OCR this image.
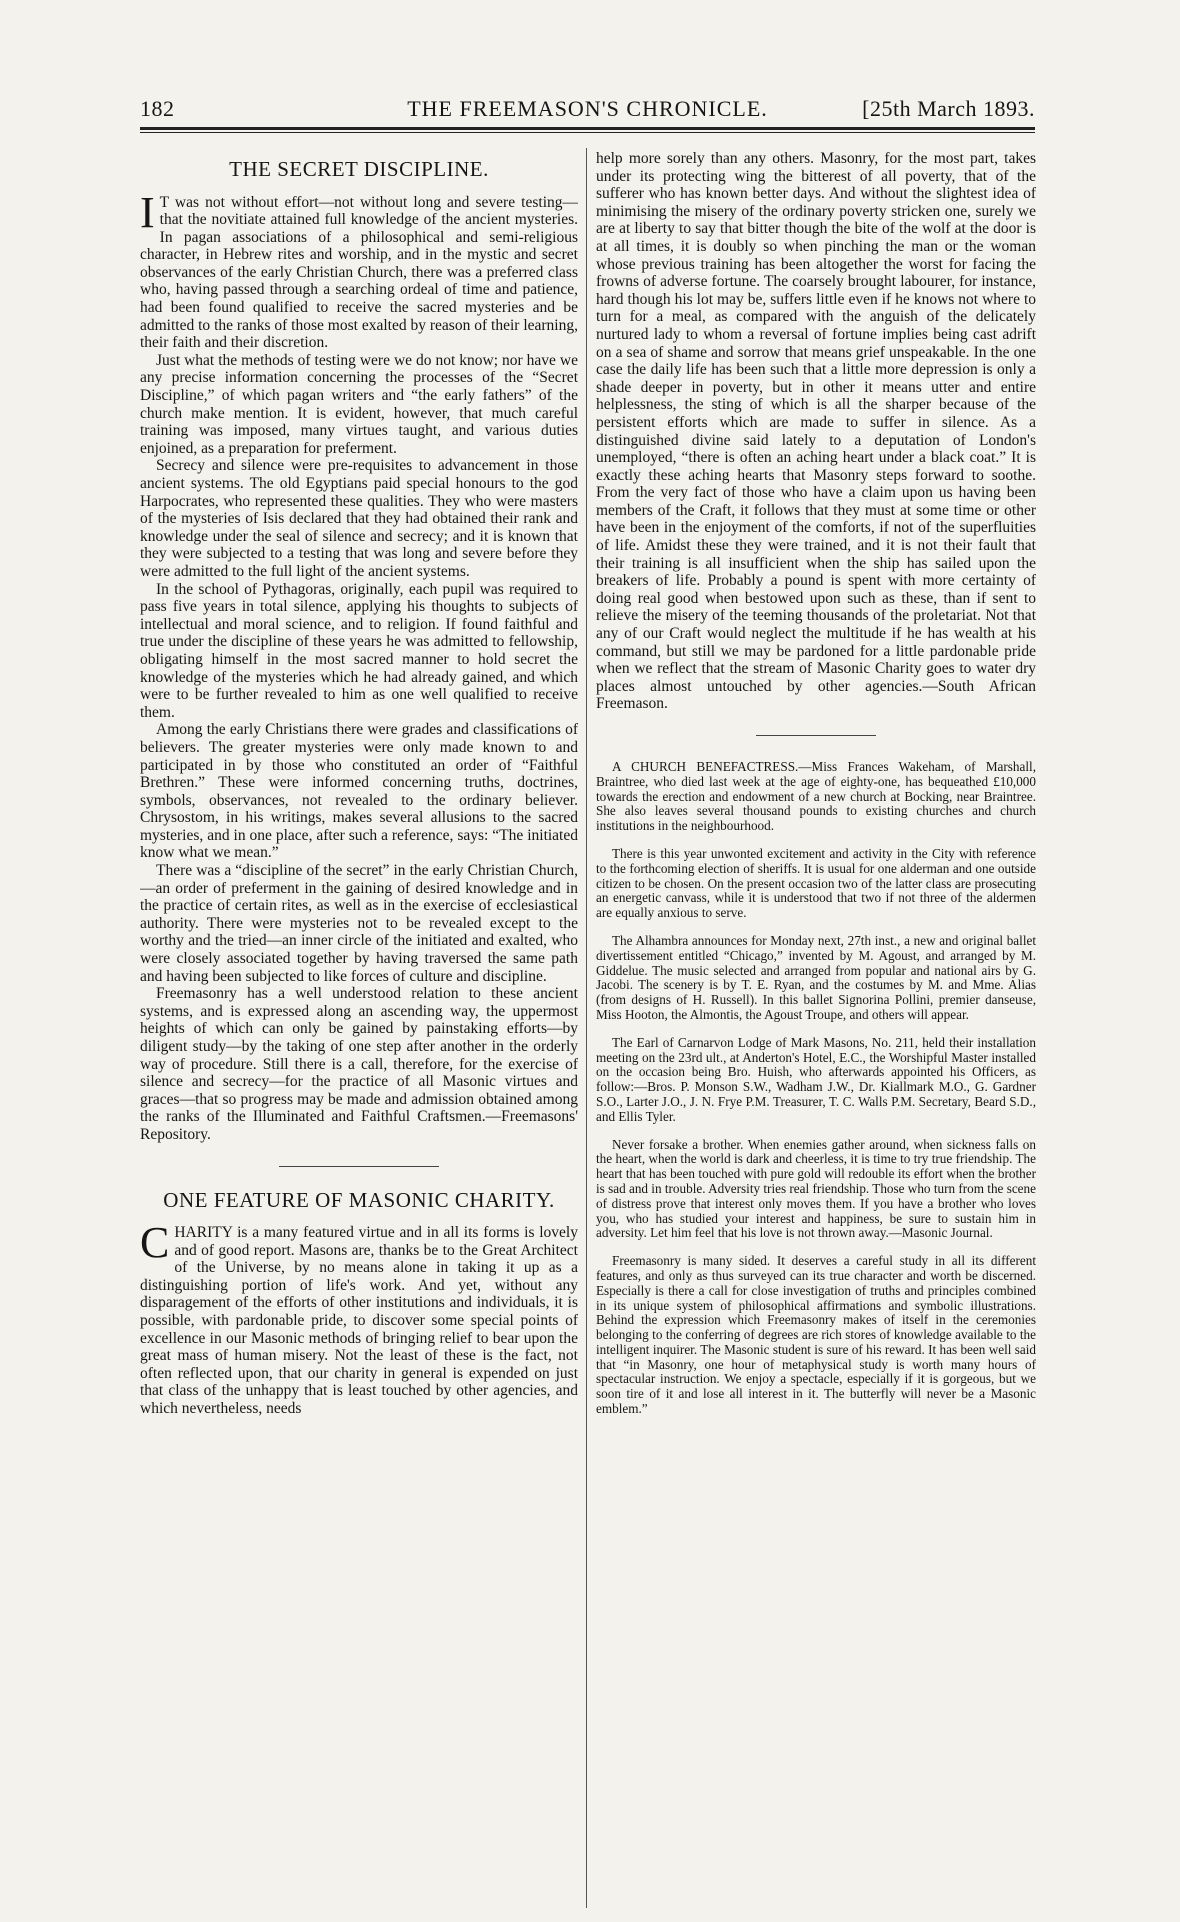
182	THE FREEMASON'S CHRONICLE.	[25th March 1893.
THE SECRET DISCIPLINE.

IT was not without effort—not without long and severe testing—that the novitiate attained full knowledge of the ancient mysteries. In pagan associations of a philosophical and semi-religious character, in Hebrew rites and worship, and in the mystic and secret observances of the early Christian Church, there was a preferred class who, having passed through a searching ordeal of time and patience, had been found qualified to receive the sacred mysteries and be admitted to the ranks of those most exalted by reason of their learning, their faith and their discretion.

Just what the methods of testing were we do not know; nor have we any precise information concerning the processes of the “Secret Discipline,” of which pagan writers and “the early fathers” of the church make mention. It is evident, however, that much careful training was imposed, many virtues taught, and various duties enjoined, as a preparation for preferment.

Secrecy and silence were pre-requisites to advancement in those ancient systems. The old Egyptians paid special honours to the god Harpocrates, who represented these qualities. They who were masters of the mysteries of Isis declared that they had obtained their rank and knowledge under the seal of silence and secrecy; and it is known that they were subjected to a testing that was long and severe before they were admitted to the full light of the ancient systems.

In the school of Pythagoras, originally, each pupil was required to pass five years in total silence, applying his thoughts to subjects of intellectual and moral science, and to religion. If found faithful and true under the discipline of these years he was admitted to fellowship, obligating himself in the most sacred manner to hold secret the knowledge of the mysteries which he had already gained, and which were to be further revealed to him as one well qualified to receive them.

Among the early Christians there were grades and classifications of believers. The greater mysteries were only made known to and participated in by those who constituted an order of “Faithful Brethren.” These were informed concerning truths, doctrines, symbols, observances, not revealed to the ordinary believer. Chrysostom, in his writings, makes several allusions to the sacred mysteries, and in one place, after such a reference, says: “The initiated know what we mean.”

There was a “discipline of the secret” in the early Christian Church,—an order of preferment in the gaining of desired knowledge and in the practice of certain rites, as well as in the exercise of ecclesiastical authority. There were mysteries not to be revealed except to the worthy and the tried—an inner circle of the initiated and exalted, who were closely associated together by having traversed the same path and having been subjected to like forces of culture and discipline.

Freemasonry has a well understood relation to these ancient systems, and is expressed along an ascending way, the uppermost heights of which can only be gained by painstaking efforts—by diligent study—by the taking of one step after another in the orderly way of procedure. Still there is a call, therefore, for the exercise of silence and secrecy—for the practice of all Masonic virtues and graces—that so progress may be made and admission obtained among the ranks of the Illuminated and Faithful Craftsmen.—Freemasons' Repository.

ONE FEATURE OF MASONIC CHARITY.

CHARITY is a many featured virtue and in all its forms is lovely and of good report. Masons are, thanks be to the Great Architect of the Universe, by no means alone in taking it up as a distinguishing portion of life's work. And yet, without any disparagement of the efforts of other institutions and individuals, it is possible, with pardonable pride, to discover some special points of excellence in our Masonic methods of bringing relief to bear upon the great mass of human misery. Not the least of these is the fact, not often reflected upon, that our charity in general is expended on just that class of the unhappy that is least touched by other agencies, and which nevertheless, needs

help more sorely than any others. Masonry, for the most part, takes under its protecting wing the bitterest of all poverty, that of the sufferer who has known better days. And without the slightest idea of minimising the misery of the ordinary poverty stricken one, surely we are at liberty to say that bitter though the bite of the wolf at the door is at all times, it is doubly so when pinching the man or the woman whose previous training has been altogether the worst for facing the frowns of adverse fortune. The coarsely brought labourer, for instance, hard though his lot may be, suffers little even if he knows not where to turn for a meal, as compared with the anguish of the delicately nurtured lady to whom a reversal of fortune implies being cast adrift on a sea of shame and sorrow that means grief unspeakable. In the one case the daily life has been such that a little more depression is only a shade deeper in poverty, but in other it means utter and entire helplessness, the sting of which is all the sharper because of the persistent efforts which are made to suffer in silence. As a distinguished divine said lately to a deputation of London's unemployed, “there is often an aching heart under a black coat.” It is exactly these aching hearts that Masonry steps forward to soothe. From the very fact of those who have a claim upon us having been members of the Craft, it follows that they must at some time or other have been in the enjoyment of the comforts, if not of the superfluities of life. Amidst these they were trained, and it is not their fault that their training is all insufficient when the ship has sailed upon the breakers of life. Probably a pound is spent with more certainty of doing real good when bestowed upon such as these, than if sent to relieve the misery of the teeming thousands of the proletariat. Not that any of our Craft would neglect the multitude if he has wealth at his command, but still we may be pardoned for a little pardonable pride when we reflect that the stream of Masonic Charity goes to water dry places almost untouched by other agencies.—South African Freemason.

A CHURCH BENEFACTRESS.—Miss Frances Wakeham, of Marshall, Braintree, who died last week at the age of eighty-one, has bequeathed £10,000 towards the erection and endowment of a new church at Bocking, near Braintree. She also leaves several thousand pounds to existing churches and church institutions in the neighbourhood.

There is this year unwonted excitement and activity in the City with reference to the forthcoming election of sheriffs. It is usual for one alderman and one outside citizen to be chosen. On the present occasion two of the latter class are prosecuting an energetic canvass, while it is understood that two if not three of the aldermen are equally anxious to serve.

The Alhambra announces for Monday next, 27th inst., a new and original ballet divertissement entitled “Chicago,” invented by M. Agoust, and arranged by M. Giddelue. The music selected and arranged from popular and national airs by G. Jacobi. The scenery is by T. E. Ryan, and the costumes by M. and Mme. Alias (from designs of H. Russell). In this ballet Signorina Pollini, premier danseuse, Miss Hooton, the Almontis, the Agoust Troupe, and others will appear.

The Earl of Carnarvon Lodge of Mark Masons, No. 211, held their installation meeting on the 23rd ult., at Anderton's Hotel, E.C., the Worshipful Master installed on the occasion being Bro. Huish, who afterwards appointed his Officers, as follow:—Bros. P. Monson S.W., Wadham J.W., Dr. Kiallmark M.O., G. Gardner S.O., Larter J.O., J. N. Frye P.M. Treasurer, T. C. Walls P.M. Secretary, Beard S.D., and Ellis Tyler.

Never forsake a brother. When enemies gather around, when sickness falls on the heart, when the world is dark and cheerless, it is time to try true friendship. The heart that has been touched with pure gold will redouble its effort when the brother is sad and in trouble. Adversity tries real friendship. Those who turn from the scene of distress prove that interest only moves them. If you have a brother who loves you, who has studied your interest and happiness, be sure to sustain him in adversity. Let him feel that his love is not thrown away.—Masonic Journal.

Freemasonry is many sided. It deserves a careful study in all its different features, and only as thus surveyed can its true character and worth be discerned. Especially is there a call for close investigation of truths and principles combined in its unique system of philosophical affirmations and symbolic illustrations. Behind the expression which Freemasonry makes of itself in the ceremonies belonging to the conferring of degrees are rich stores of knowledge available to the intelligent inquirer. The Masonic student is sure of his reward. It has been well said that “in Masonry, one hour of metaphysical study is worth many hours of spectacular instruction. We enjoy a spectacle, especially if it is gorgeous, but we soon tire of it and lose all interest in it. The butterfly will never be a Masonic emblem.”
